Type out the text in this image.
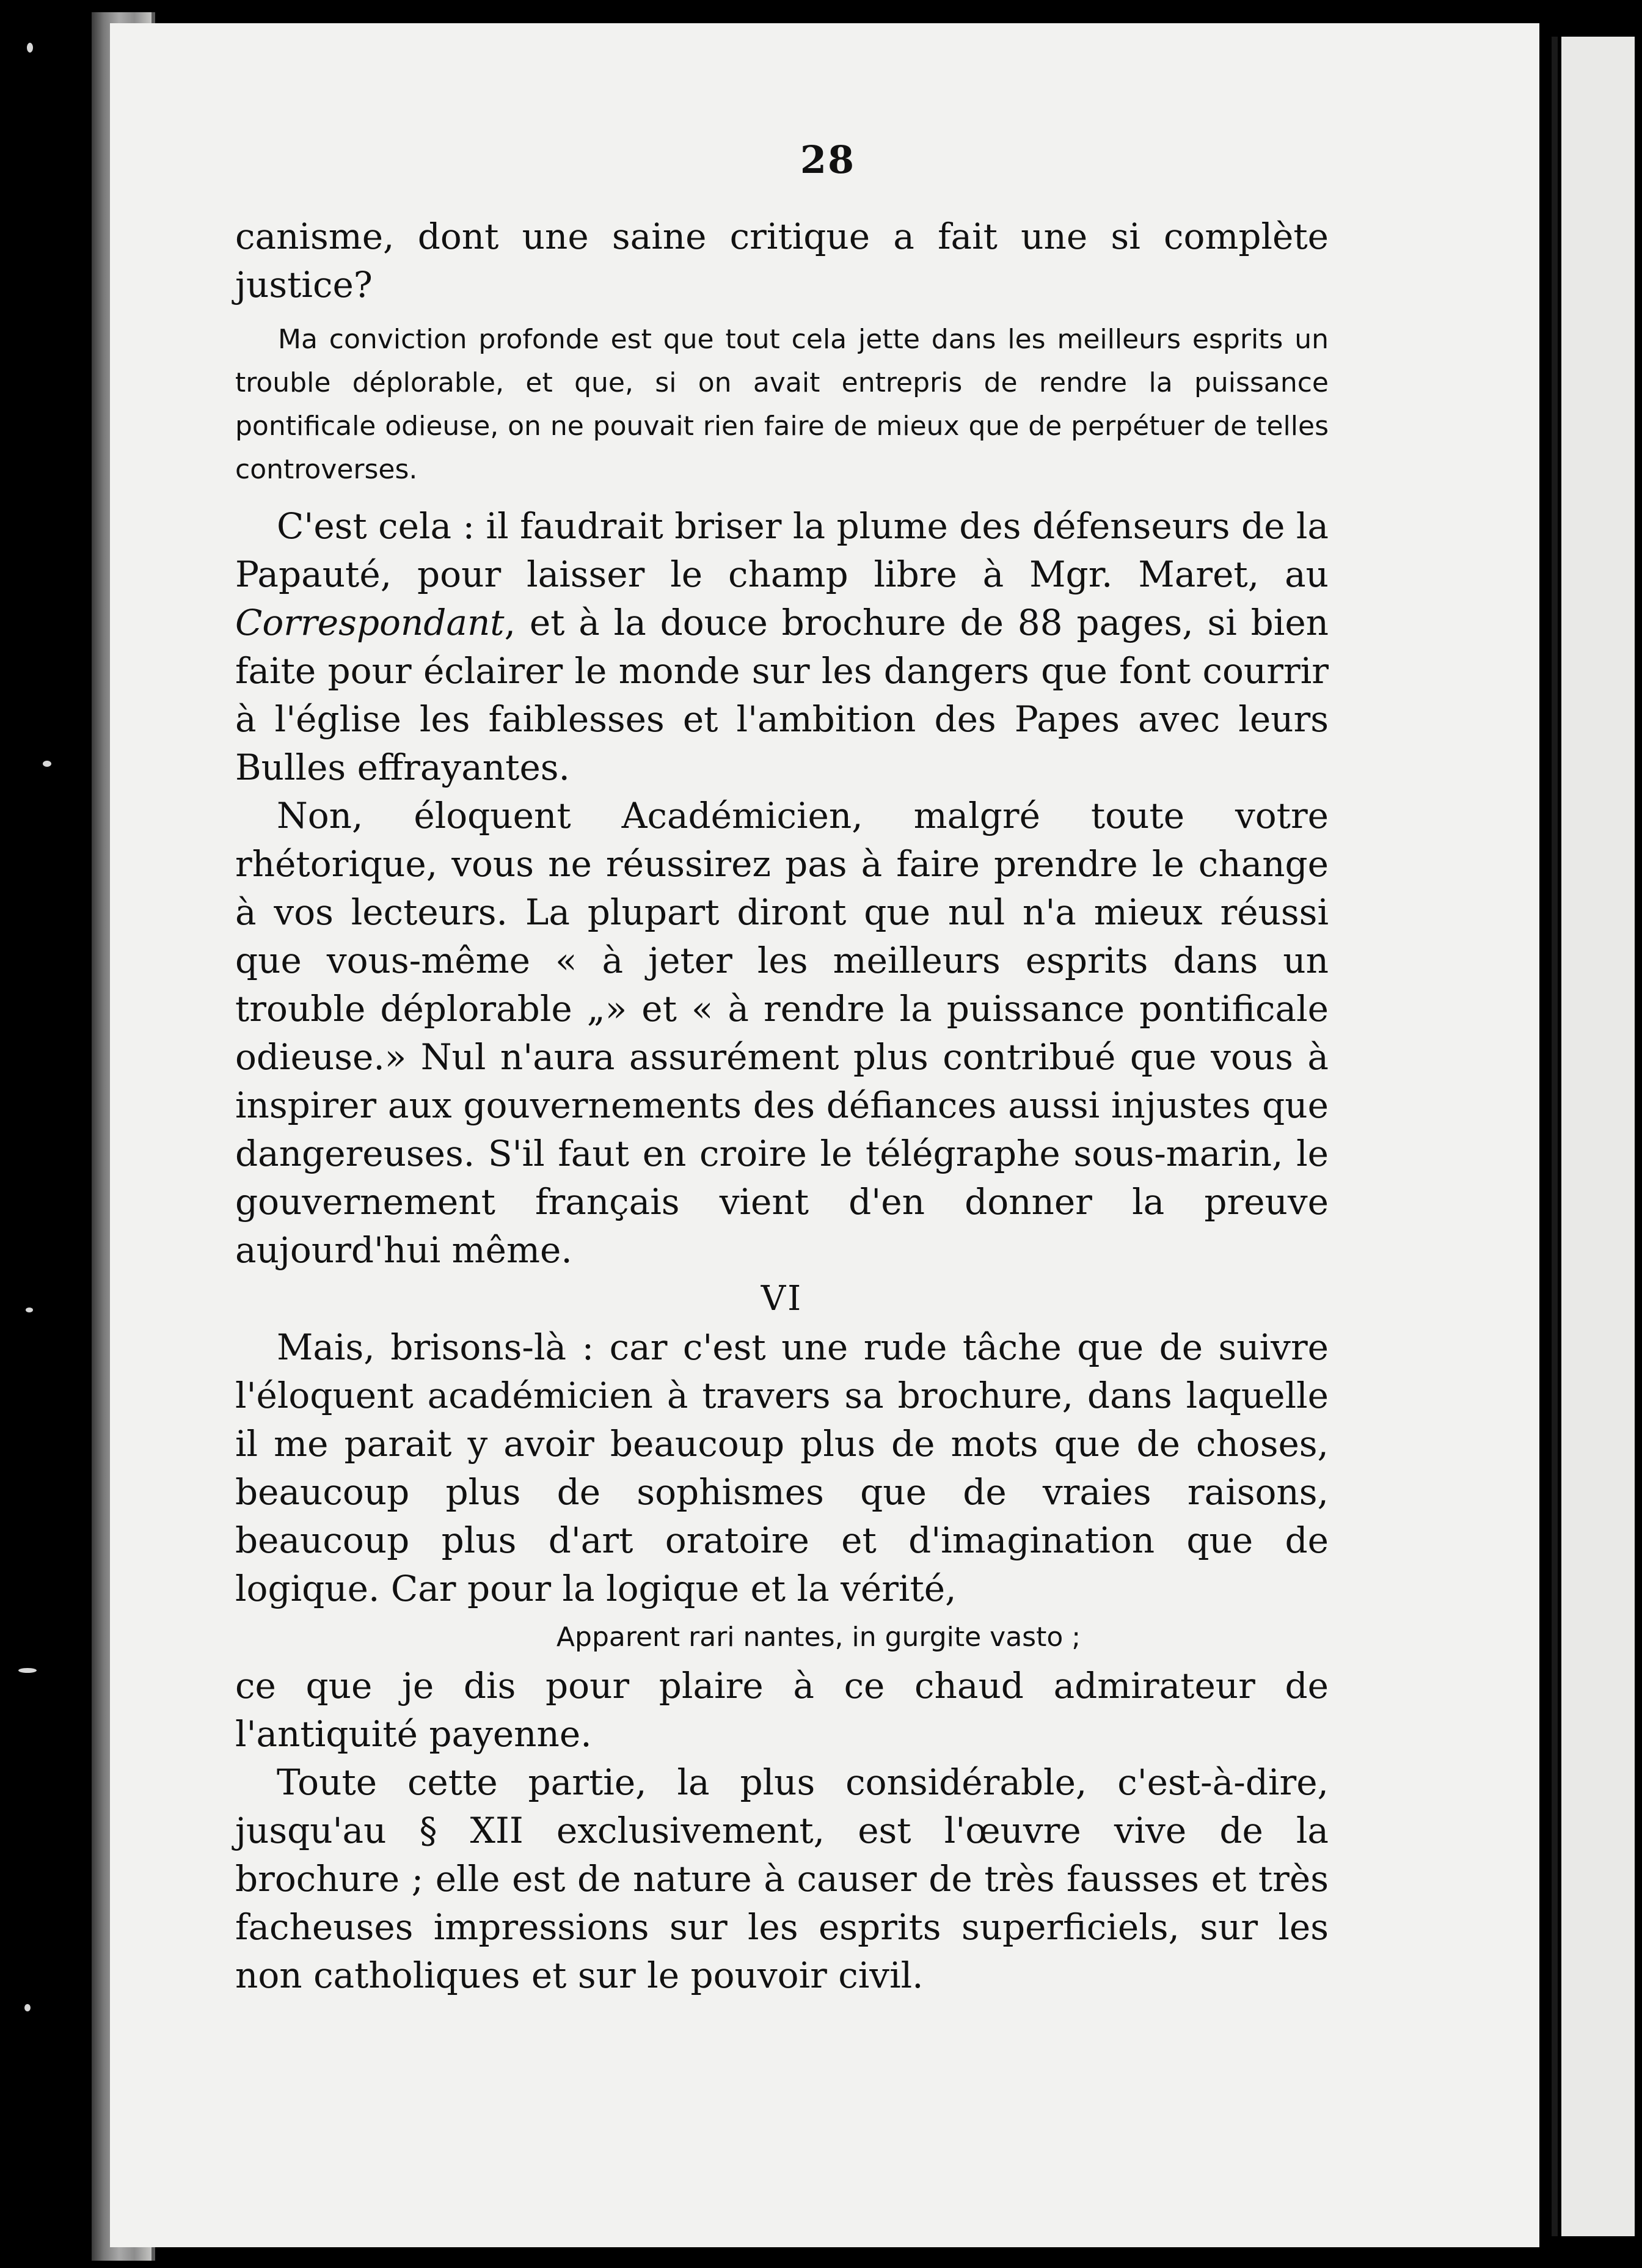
28

canisme, dont une saine critique a fait une si complète justice?

Ma conviction profonde est que tout cela jette dans les meilleurs esprits un trouble déplorable, et que, si on avait entrepris de rendre la puissance pontificale odieuse, on ne pouvait rien faire de mieux que de perpétuer de telles controverses.

C'est cela : il faudrait briser la plume des défenseurs de la Papauté, pour laisser le champ libre à Mgr. Maret, au Correspondant, et à la douce brochure de 88 pages, si bien faite pour éclairer le monde sur les dangers que font courrir à l'église les faiblesses et l'ambition des Papes avec leurs Bulles effrayantes.

Non, éloquent Académicien, malgré toute votre rhétorique, vous ne réussirez pas à faire prendre le change à vos lecteurs. La plupart diront que nul n'a mieux réussi que vous-même « à jeter les meilleurs esprits dans un trouble déplorable „» et « à rendre la puissance pontificale odieuse.» Nul n'aura assurément plus contribué que vous à inspirer aux gouvernements des défiances aussi injustes que dangereuses. S'il faut en croire le télégraphe sous-marin, le gouvernement français vient d'en donner la preuve aujourd'hui même.

VI

Mais, brisons-là : car c'est une rude tâche que de suivre l'éloquent académicien à travers sa brochure, dans laquelle il me parait y avoir beaucoup plus de mots que de choses, beaucoup plus de sophismes que de vraies raisons, beaucoup plus d'art oratoire et d'imagination que de logique. Car pour la logique et la vérité,

Apparent rari nantes, in gurgite vasto ;

ce que je dis pour plaire à ce chaud admirateur de l'antiquité payenne.

Toute cette partie, la plus considérable, c'est-à-dire, jusqu'au § XII exclusivement, est l'œuvre vive de la brochure ; elle est de nature à causer de très fausses et très facheuses impressions sur les esprits superficiels, sur les non catholiques et sur le pouvoir civil.
